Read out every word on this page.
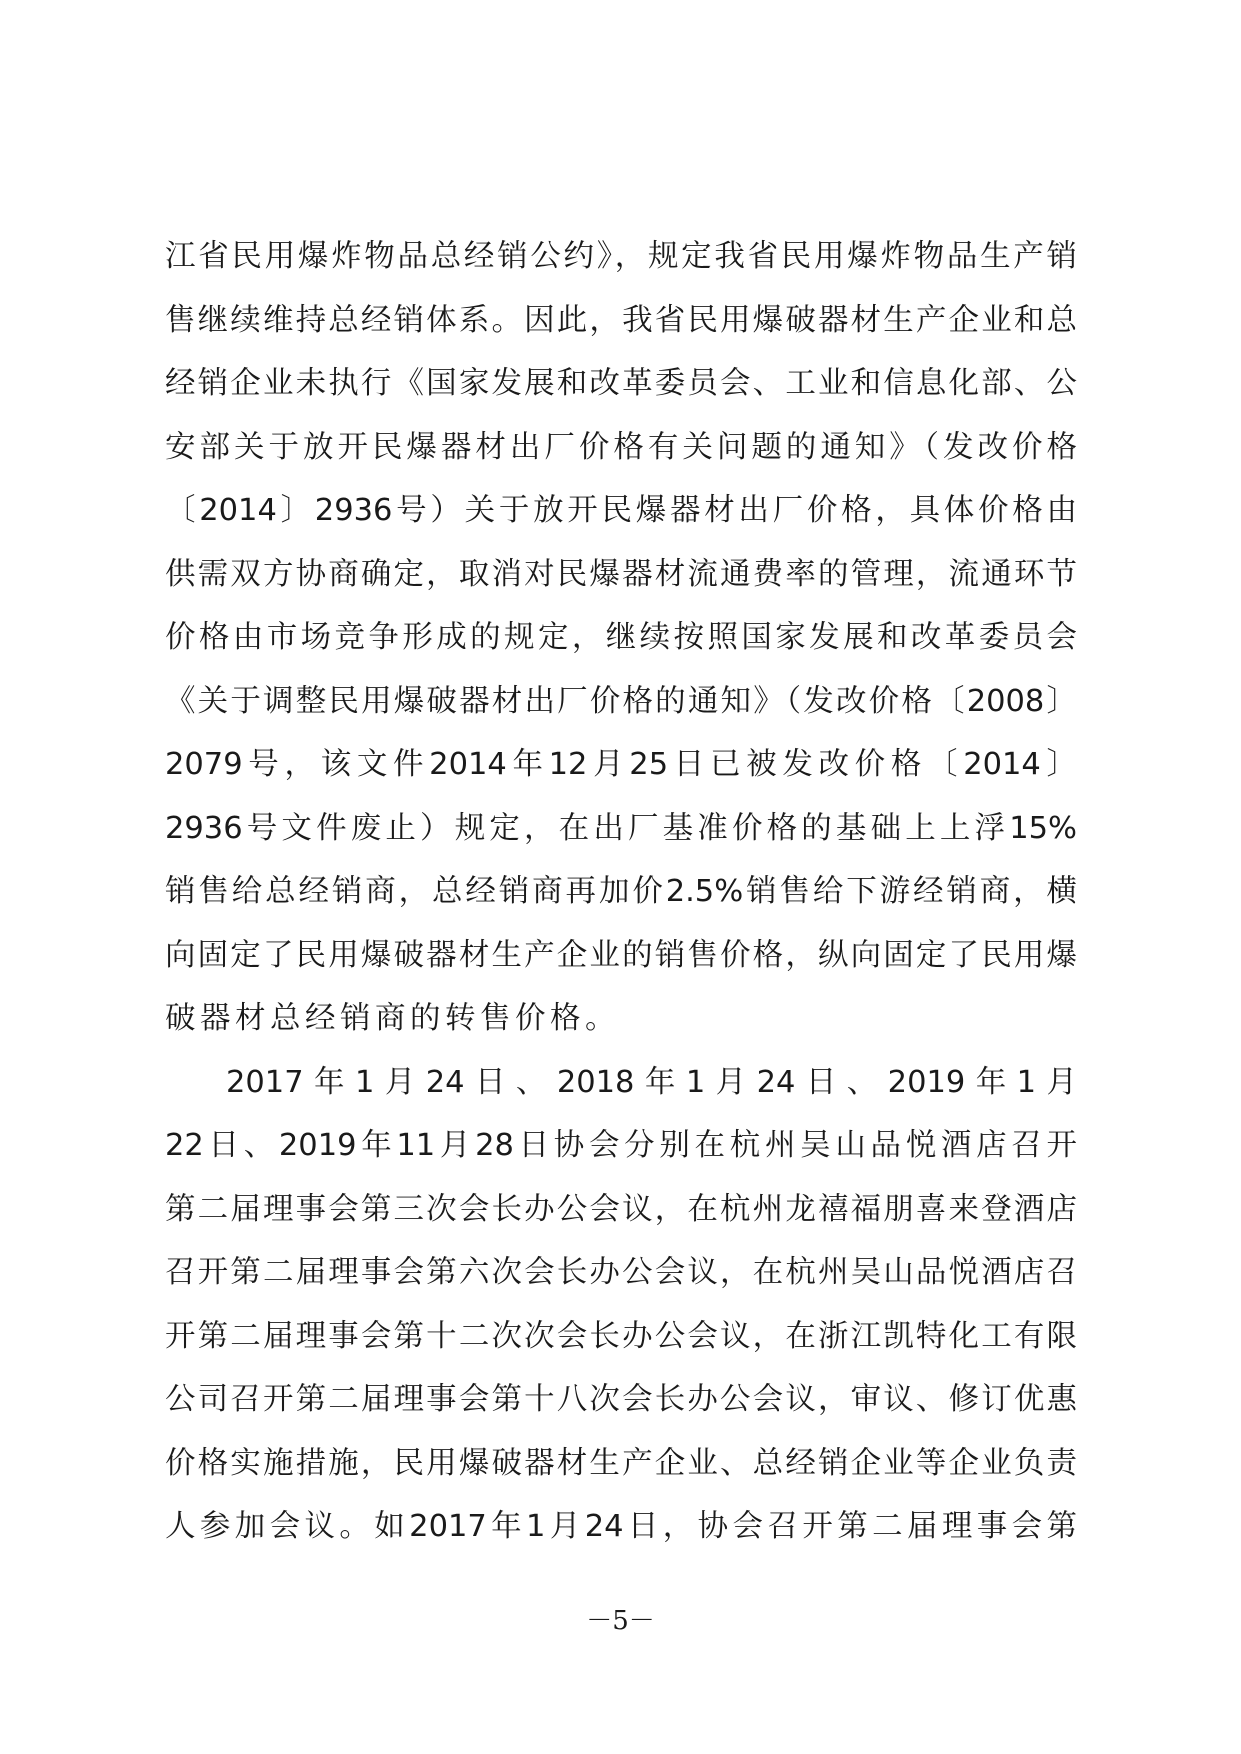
江省民用爆炸物品总经销公约》，规定我省民用爆炸物品生产销
售继续维持总经销体系。因此，我省民用爆破器材生产企业和总
经销企业未执行《国家发展和改革委员会、工业和信息化部、公
安部关于放开民爆器材出厂价格有关问题的通知》（发改价格
〔2014〕2936号）关于放开民爆器材出厂价格，具体价格由
供需双方协商确定，取消对民爆器材流通费率的管理，流通环节
价格由市场竞争形成的规定，继续按照国家发展和改革委员会
《关于调整民用爆破器材出厂价格的通知》（发改价格〔2008〕
2079号，该文件2014年12月25日已被发改价格〔2014〕
2936号文件废止）规定，在出厂基准价格的基础上上浮15%
销售给总经销商，总经销商再加价2.5%销售给下游经销商，横
向固定了民用爆破器材生产企业的销售价格，纵向固定了民用爆
破器材总经销商的转售价格。
2017年1月24日、2018年1月24日、2019年1月
22日、2019年11月28日协会分别在杭州吴山品悦酒店召开
第二届理事会第三次会长办公会议，在杭州龙禧福朋喜来登酒店
召开第二届理事会第六次会长办公会议，在杭州吴山品悦酒店召
开第二届理事会第十二次次会长办公会议，在浙江凯特化工有限
公司召开第二届理事会第十八次会长办公会议，审议、修订优惠
价格实施措施，民用爆破器材生产企业、总经销企业等企业负责
人参加会议。如2017年1月24日，协会召开第二届理事会第
－5－
